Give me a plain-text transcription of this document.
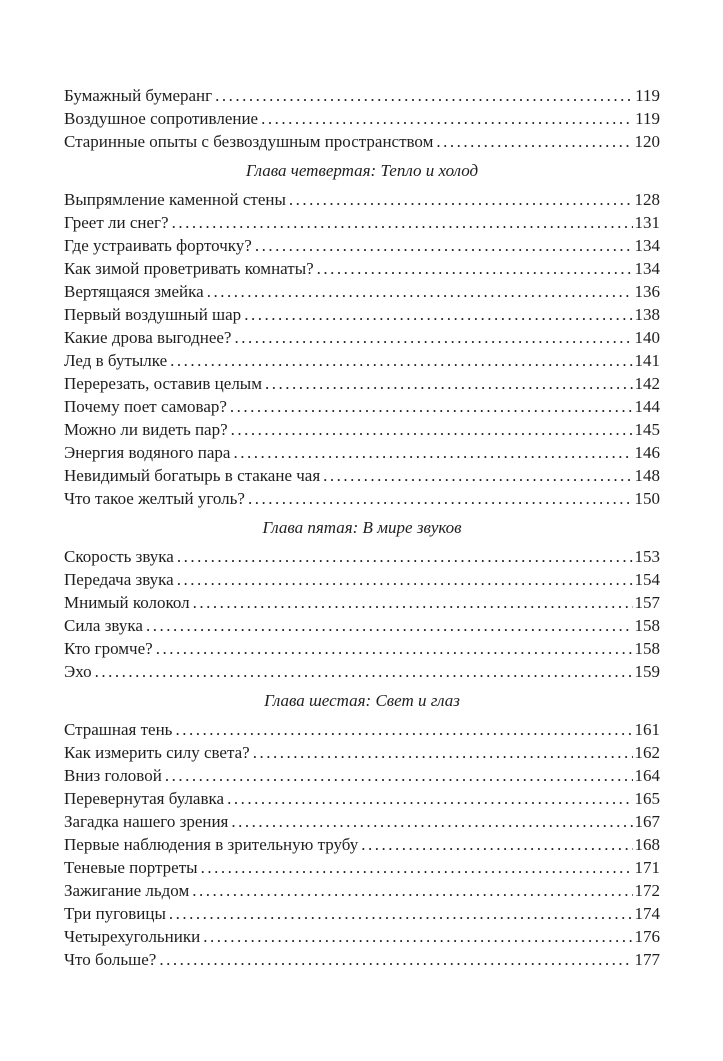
Бумажный бумеранг .....	119
Воздушное сопротивление .....	119
Старинные опыты с безвоздушным пространством .....	120
Глава четвертая: Тепло и холод
Выпрямление каменной стены .....	128
Греет ли снег? .....	131
Где устраивать форточку? .....	134
Как зимой проветривать комнаты? .....	134
Вертящаяся змейка .....	136
Первый воздушный шар .....	138
Какие дрова выгоднее? .....	140
Лед в бутылке .....	141
Перерезать, оставив целым .....	142
Почему поет самовар? .....	144
Можно ли видеть пар? .....	145
Энергия водяного пара .....	146
Невидимый богатырь в стакане чая .....	148
Что такое желтый уголь? .....	150
Глава пятая: В мире звуков
Скорость звука .....	153
Передача звука .....	154
Мнимый колокол .....	157
Сила звука .....	158
Кто громче? .....	158
Эхо .....	159
Глава шестая: Свет и глаз
Страшная тень .....	161
Как измерить силу света? .....	162
Вниз головой .....	164
Перевернутая булавка .....	165
Загадка нашего зрения .....	167
Первые наблюдения в зрительную трубу .....	168
Теневые портреты .....	171
Зажигание льдом .....	172
Три пуговицы .....	174
Четырехугольники .....	176
Что больше? .....	177
